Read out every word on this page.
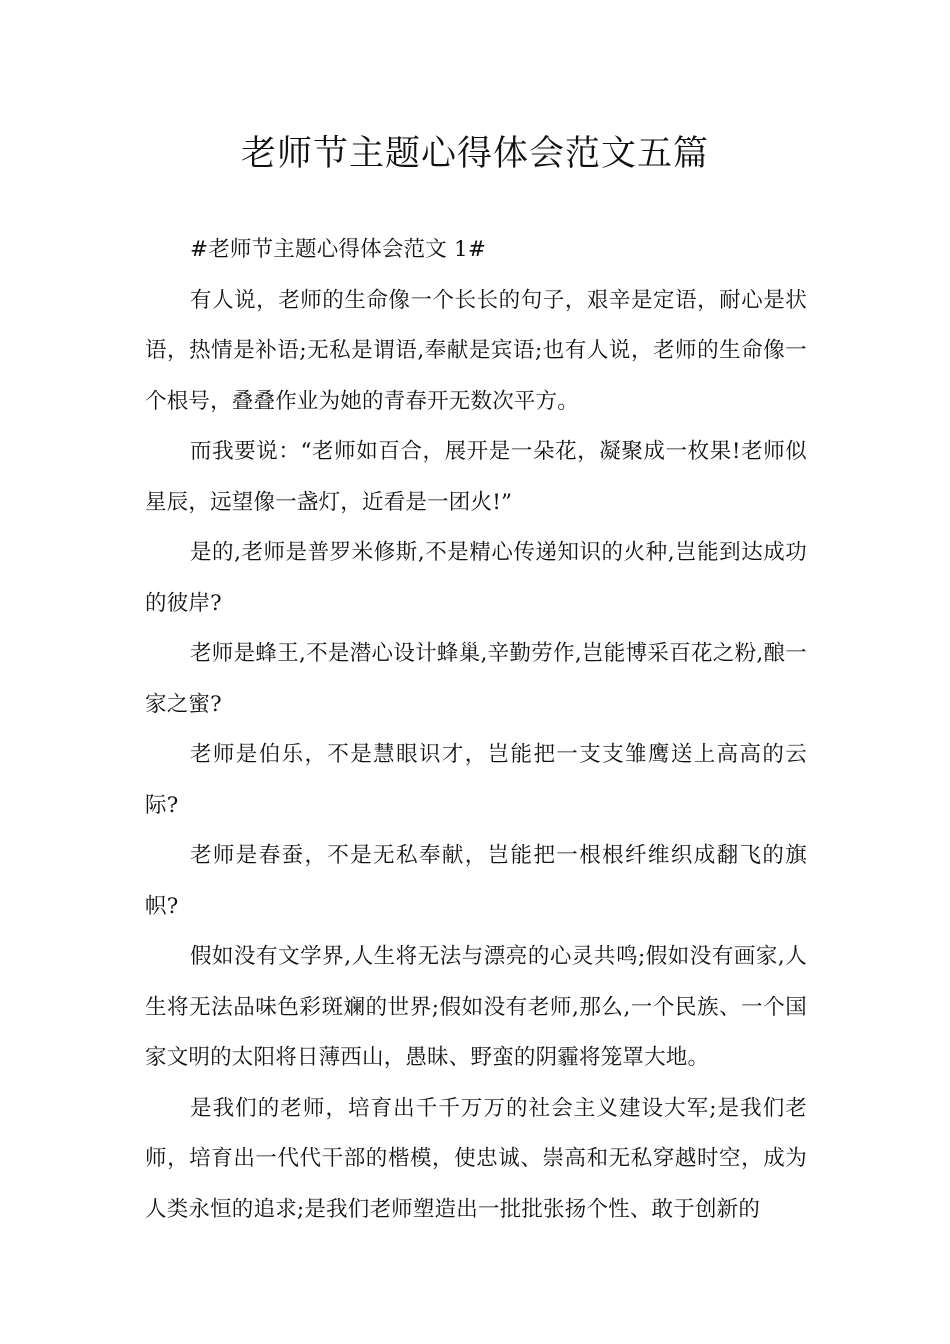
老师节主题心得体会范文五篇

#老师节主题心得体会范文 1#

有人说，老师的生命像一个长长的句子，艰辛是定语，耐心是状语，热情是补语;无私是谓语,奉献是宾语;也有人说，老师的生命像一个根号，叠叠作业为她的青春开无数次平方。

而我要说：“老师如百合，展开是一朵花，凝聚成一枚果!老师似星辰，远望像一盏灯，近看是一团火!”

是的,老师是普罗米修斯,不是精心传递知识的火种,岂能到达成功的彼岸?

老师是蜂王,不是潜心设计蜂巢,辛勤劳作,岂能博采百花之粉,酿一家之蜜?

老师是伯乐，不是慧眼识才，岂能把一支支雏鹰送上高高的云际?

老师是春蚕，不是无私奉献，岂能把一根根纤维织成翻飞的旗帜?

假如没有文学界,人生将无法与漂亮的心灵共鸣;假如没有画家,人生将无法品味色彩斑斓的世界;假如没有老师,那么,一个民族、一个国家文明的太阳将日薄西山，愚昧、野蛮的阴霾将笼罩大地。

是我们的老师，培育出千千万万的社会主义建设大军;是我们老师，培育出一代代干部的楷模，使忠诚、崇高和无私穿越时空，成为人类永恒的追求;是我们老师塑造出一批批张扬个性、敢于创新的
